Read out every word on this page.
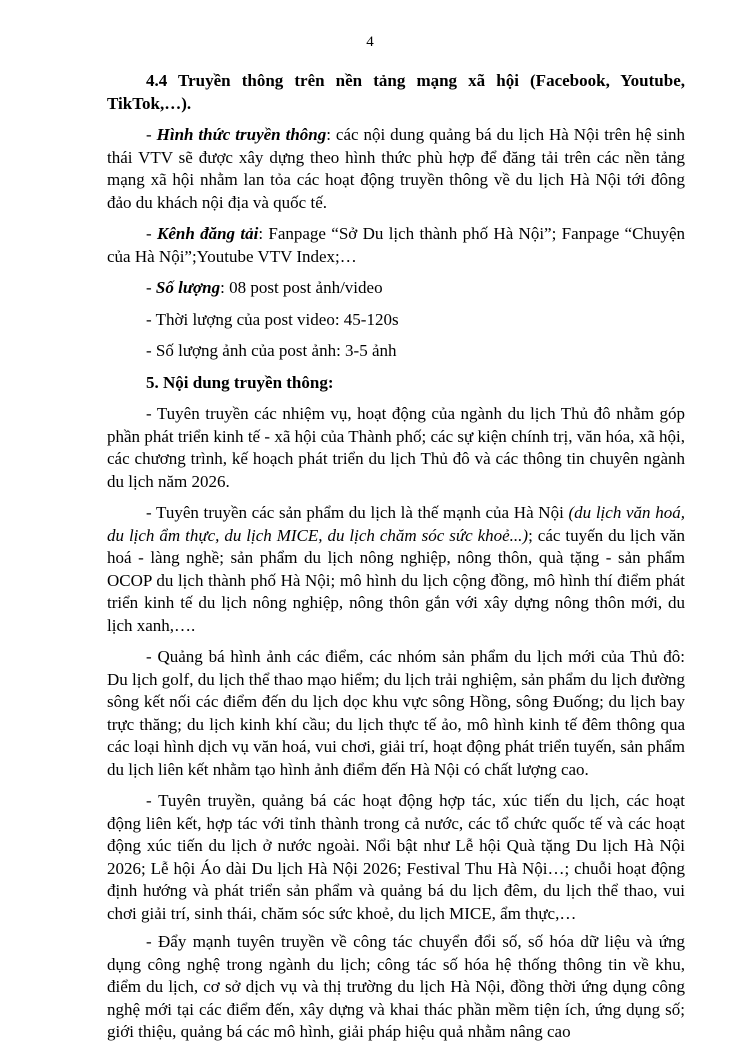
4

4.4 Truyền thông trên nền tảng mạng xã hội (Facebook, Youtube, TikTok,…).

- Hình thức truyền thông: các nội dung quảng bá du lịch Hà Nội trên hệ sinh thái VTV sẽ được xây dựng theo hình thức phù hợp để đăng tải trên các nền tảng mạng xã hội nhằm lan tỏa các hoạt động truyền thông về du lịch Hà Nội tới đông đảo du khách nội địa và quốc tế.

- Kênh đăng tải: Fanpage “Sở Du lịch thành phố Hà Nội”; Fanpage “Chuyện của Hà Nội”;Youtube VTV Index;…

- Số lượng: 08 post post ảnh/video

- Thời lượng của post video: 45-120s

- Số lượng ảnh của post ảnh: 3-5 ảnh

5. Nội dung truyền thông:

- Tuyên truyền các nhiệm vụ, hoạt động của ngành du lịch Thủ đô nhằm góp phần phát triển kinh tế - xã hội của Thành phố; các sự kiện chính trị, văn hóa, xã hội, các chương trình, kế hoạch phát triển du lịch Thủ đô và các thông tin chuyên ngành du lịch năm 2026.

- Tuyên truyền các sản phẩm du lịch là thế mạnh của Hà Nội (du lịch văn hoá, du lịch ẩm thực, du lịch MICE, du lịch chăm sóc sức khoẻ...); các tuyến du lịch văn hoá - làng nghề; sản phẩm du lịch nông nghiệp, nông thôn, quà tặng - sản phẩm OCOP du lịch thành phố Hà Nội; mô hình du lịch cộng đồng, mô hình thí điểm phát triển kinh tế du lịch nông nghiệp, nông thôn gắn với xây dựng nông thôn mới, du lịch xanh,….

- Quảng bá hình ảnh các điểm, các nhóm sản phẩm du lịch mới của Thủ đô: Du lịch golf, du lịch thể thao mạo hiểm; du lịch trải nghiệm, sản phẩm du lịch đường sông kết nối các điểm đến du lịch dọc khu vực sông Hồng, sông Đuống; du lịch bay trực thăng; du lịch kinh khí cầu; du lịch thực tế ảo, mô hình kinh tế đêm thông qua các loại hình dịch vụ văn hoá, vui chơi, giải trí, hoạt động phát triển tuyến, sản phẩm du lịch liên kết nhằm tạo hình ảnh điểm đến Hà Nội có chất lượng cao.

- Tuyên truyền, quảng bá các hoạt động hợp tác, xúc tiến du lịch, các hoạt động liên kết, hợp tác với tỉnh thành trong cả nước, các tổ chức quốc tế và các hoạt động xúc tiến du lịch ở nước ngoài. Nổi bật như Lễ hội Quà tặng Du lịch Hà Nội 2026; Lễ hội Áo dài Du lịch Hà Nội 2026; Festival Thu Hà Nội…; chuỗi hoạt động định hướng và phát triển sản phẩm và quảng bá du lịch đêm, du lịch thể thao, vui chơi giải trí, sinh thái, chăm sóc sức khoẻ, du lịch MICE, ẩm thực,…

- Đẩy mạnh tuyên truyền về công tác chuyển đổi số, số hóa dữ liệu và ứng dụng công nghệ trong ngành du lịch; công tác số hóa hệ thống thông tin về khu, điểm du lịch, cơ sở dịch vụ và thị trường du lịch Hà Nội, đồng thời ứng dụng công nghệ mới tại các điểm đến, xây dựng và khai thác phần mềm tiện ích, ứng dụng số; giới thiệu, quảng bá các mô hình, giải pháp hiệu quả nhằm nâng cao
